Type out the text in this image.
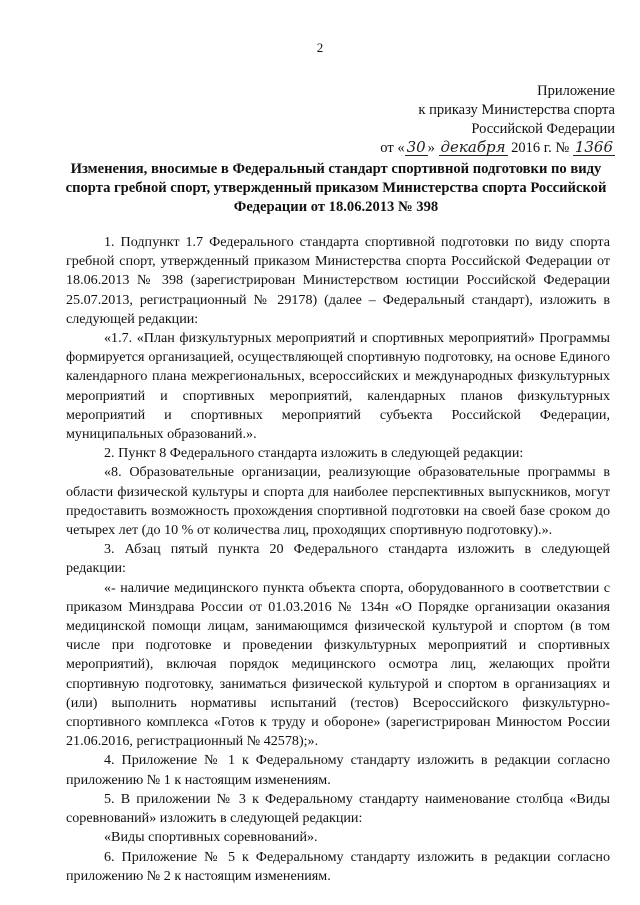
2
Приложение
к приказу Министерства спорта
Российской Федерации
от « 30 » декабря 2016 г. № 1366
Изменения, вносимые в Федеральный стандарт спортивной подготовки по виду спорта гребной спорт, утвержденный приказом Министерства спорта Российской Федерации от 18.06.2013 № 398

1. Подпункт 1.7 Федерального стандарта спортивной подготовки по виду спорта гребной спорт, утвержденный приказом Министерства спорта Российской Федерации от 18.06.2013 № 398 (зарегистрирован Министерством юстиции Российской Федерации 25.07.2013, регистрационный № 29178) (далее – Федеральный стандарт), изложить в следующей редакции:

«1.7. «План физкультурных мероприятий и спортивных мероприятий» Программы формируется организацией, осуществляющей спортивную подготовку, на основе Единого календарного плана межрегиональных, всероссийских и международных физкультурных мероприятий и спортивных мероприятий, календарных планов физкультурных мероприятий и спортивных мероприятий субъекта Российской Федерации, муниципальных образований.».

2. Пункт 8 Федерального стандарта изложить в следующей редакции:

«8. Образовательные организации, реализующие образовательные программы в области физической культуры и спорта для наиболее перспективных выпускников, могут предоставить возможность прохождения спортивной подготовки на своей базе сроком до четырех лет (до 10 % от количества лиц, проходящих спортивную подготовку).».

3. Абзац пятый пункта 20 Федерального стандарта изложить в следующей редакции:

«- наличие медицинского пункта объекта спорта, оборудованного в соответствии с приказом Минздрава России от 01.03.2016 № 134н «О Порядке организации оказания медицинской помощи лицам, занимающимся физической культурой и спортом (в том числе при подготовке и проведении физкультурных мероприятий и спортивных мероприятий), включая порядок медицинского осмотра лиц, желающих пройти спортивную подготовку, заниматься физической культурой и спортом в организациях и (или) выполнить нормативы испытаний (тестов) Всероссийского физкультурно-спортивного комплекса «Готов к труду и обороне» (зарегистрирован Минюстом России 21.06.2016, регистрационный № 42578);».

4. Приложение № 1 к Федеральному стандарту изложить в редакции согласно приложению № 1 к настоящим изменениям.

5. В приложении № 3 к Федеральному стандарту наименование столбца «Виды соревнований» изложить в следующей редакции:

«Виды спортивных соревнований».

6. Приложение № 5 к Федеральному стандарту изложить в редакции согласно приложению № 2 к настоящим изменениям.
